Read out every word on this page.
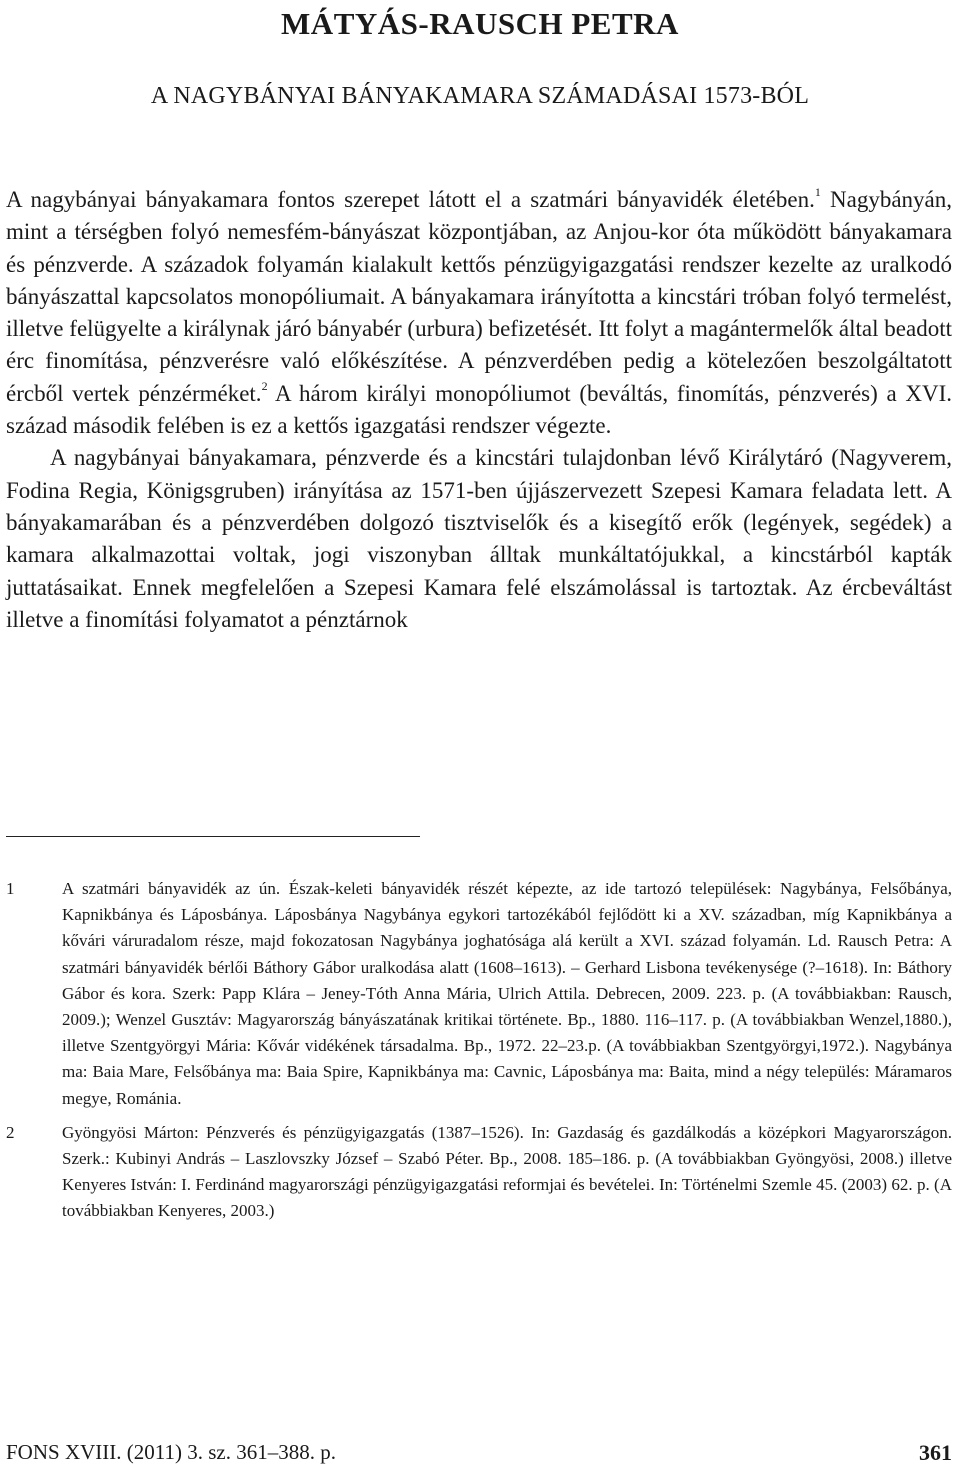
MÁTYÁS-RAUSCH PETRA
A NAGYBÁNYAI BÁNYAKAMARA SZÁMADÁSAI 1573-BÓL

A nagybányai bányakamara fontos szerepet látott el a szatmári bányavidék életében.$^1$ Nagybányán, mint a térségben folyó nemesfém-bányászat központjában, az Anjou-kor óta működött bányakamara és pénzverde. A századok folyamán kialakult kettős pénzügyigazgatási rendszer kezelte az uralkodó bányászattal kapcsolatos monopóliumait. A bányakamara irányította a kincstári tróban folyó termelést, illetve felügyelte a királynak járó bányabér (urbura) befizetését. Itt folyt a magántermelők által beadott érc finomítása, pénzverésre való előkészítése. A pénzverdében pedig a kötelezően beszolgáltatott ércből vertek pénzérméket.$^2$ A három királyi monopóliumot (beváltás, finomítás, pénzverés) a XVI. század második felében is ez a kettős igazgatási rendszer végezte.

A nagybányai bányakamara, pénzverde és a kincstári tulajdonban lévő Királytáró (Nagyverem, Fodina Regia, Königsgruben) irányítása az 1571-ben újjászervezett Szepesi Kamara feladata lett. A bányakamarában és a pénzverdében dolgozó tisztviselők és a kisegítő erők (legények, segédek) a kamara alkalmazottai voltak, jogi viszonyban álltak munkáltatójukkal, a kincstárból kapták juttatásaikat. Ennek megfelelően a Szepesi Kamara felé elszámolással is tartoztak. Az ércbeváltást illetve a finomítási folyamatot a pénztárnok

1	A szatmári bányavidék az ún. Észak-keleti bányavidék részét képezte, az ide tartozó települések: Nagybánya, Felsőbánya, Kapnikbánya és Láposbánya. Láposbánya Nagybánya egykori tartozékából fejlődött ki a XV. században, míg Kapnikbánya a kővári váruradalom része, majd fokozatosan Nagybánya joghatósága alá került a XVI. század folyamán. Ld. Rausch Petra: A szatmári bányavidék bérlői Báthory Gábor uralkodása alatt (1608–1613). – Gerhard Lisbona tevékenysége (?–1618). In: Báthory Gábor és kora. Szerk: Papp Klára – Jeney-Tóth Anna Mária, Ulrich Attila. Debrecen, 2009. 223. p. (A továbbiakban: Rausch, 2009.); Wenzel Gusztáv: Magyarország bányászatának kritikai története. Bp., 1880. 116–117. p. (A továbbiakban Wenzel,1880.), illetve Szentgyörgyi Mária: Kővár vidékének társadalma. Bp., 1972. 22–23.p. (A továbbiakban Szentgyörgyi,1972.). Nagybánya ma: Baia Mare, Felsőbánya ma: Baia Spire, Kapnikbánya ma: Cavnic, Láposbánya ma: Baita, mind a négy település: Máramaros megye, Románia.
2	Gyöngyösi Márton: Pénzverés és pénzügyigazgatás (1387–1526). In: Gazdaság és gazdálkodás a középkori Magyarországon. Szerk.: Kubinyi András – Laszlovszky József – Szabó Péter. Bp., 2008. 185–186. p. (A továbbiakban Gyöngyösi, 2008.) illetve Kenyeres István: I. Ferdinánd magyarországi pénzügyigazgatási reformjai és bevételei. In: Történelmi Szemle 45. (2003) 62. p. (A továbbiakban Kenyeres, 2003.)
FONS XVIII. (2011) 3. sz. 361–388. p.	361
